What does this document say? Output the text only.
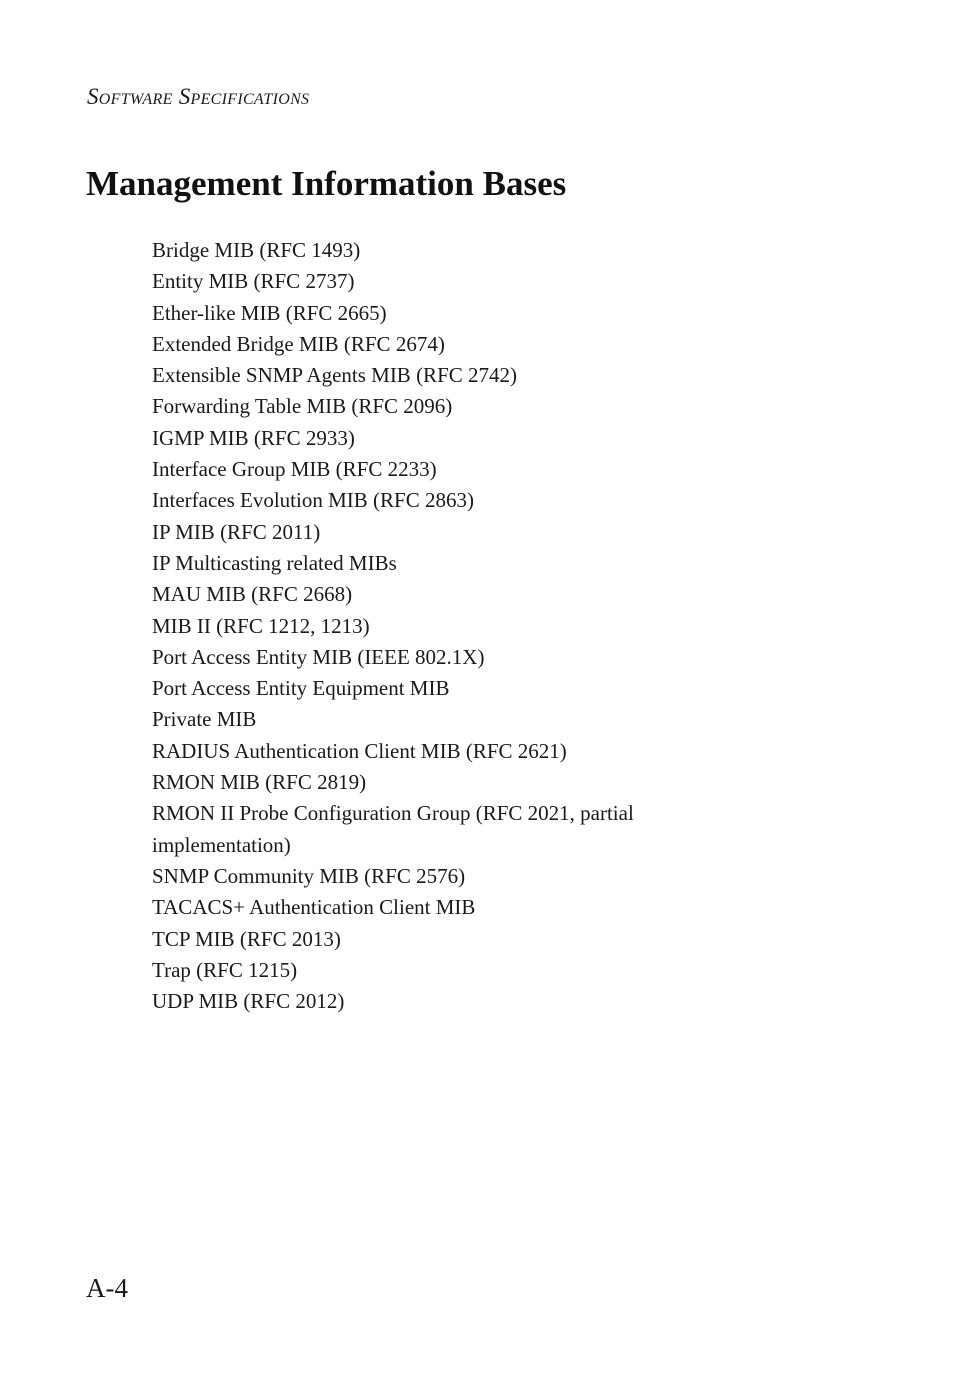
Software Specifications
Management Information Bases
Bridge MIB (RFC 1493)
Entity MIB (RFC 2737)
Ether-like MIB (RFC 2665)
Extended Bridge MIB (RFC 2674)
Extensible SNMP Agents MIB (RFC 2742)
Forwarding Table MIB (RFC 2096)
IGMP MIB (RFC 2933)
Interface Group MIB (RFC 2233)
Interfaces Evolution MIB (RFC 2863)
IP MIB (RFC 2011)
IP Multicasting related MIBs
MAU MIB (RFC 2668)
MIB II (RFC 1212, 1213)
Port Access Entity MIB (IEEE 802.1X)
Port Access Entity Equipment MIB
Private MIB
RADIUS Authentication Client MIB (RFC 2621)
RMON MIB (RFC 2819)
RMON II Probe Configuration Group (RFC 2021, partial implementation)
SNMP Community MIB (RFC 2576)
TACACS+ Authentication Client MIB
TCP MIB (RFC 2013)
Trap (RFC 1215)
UDP MIB (RFC 2012)
A-4
